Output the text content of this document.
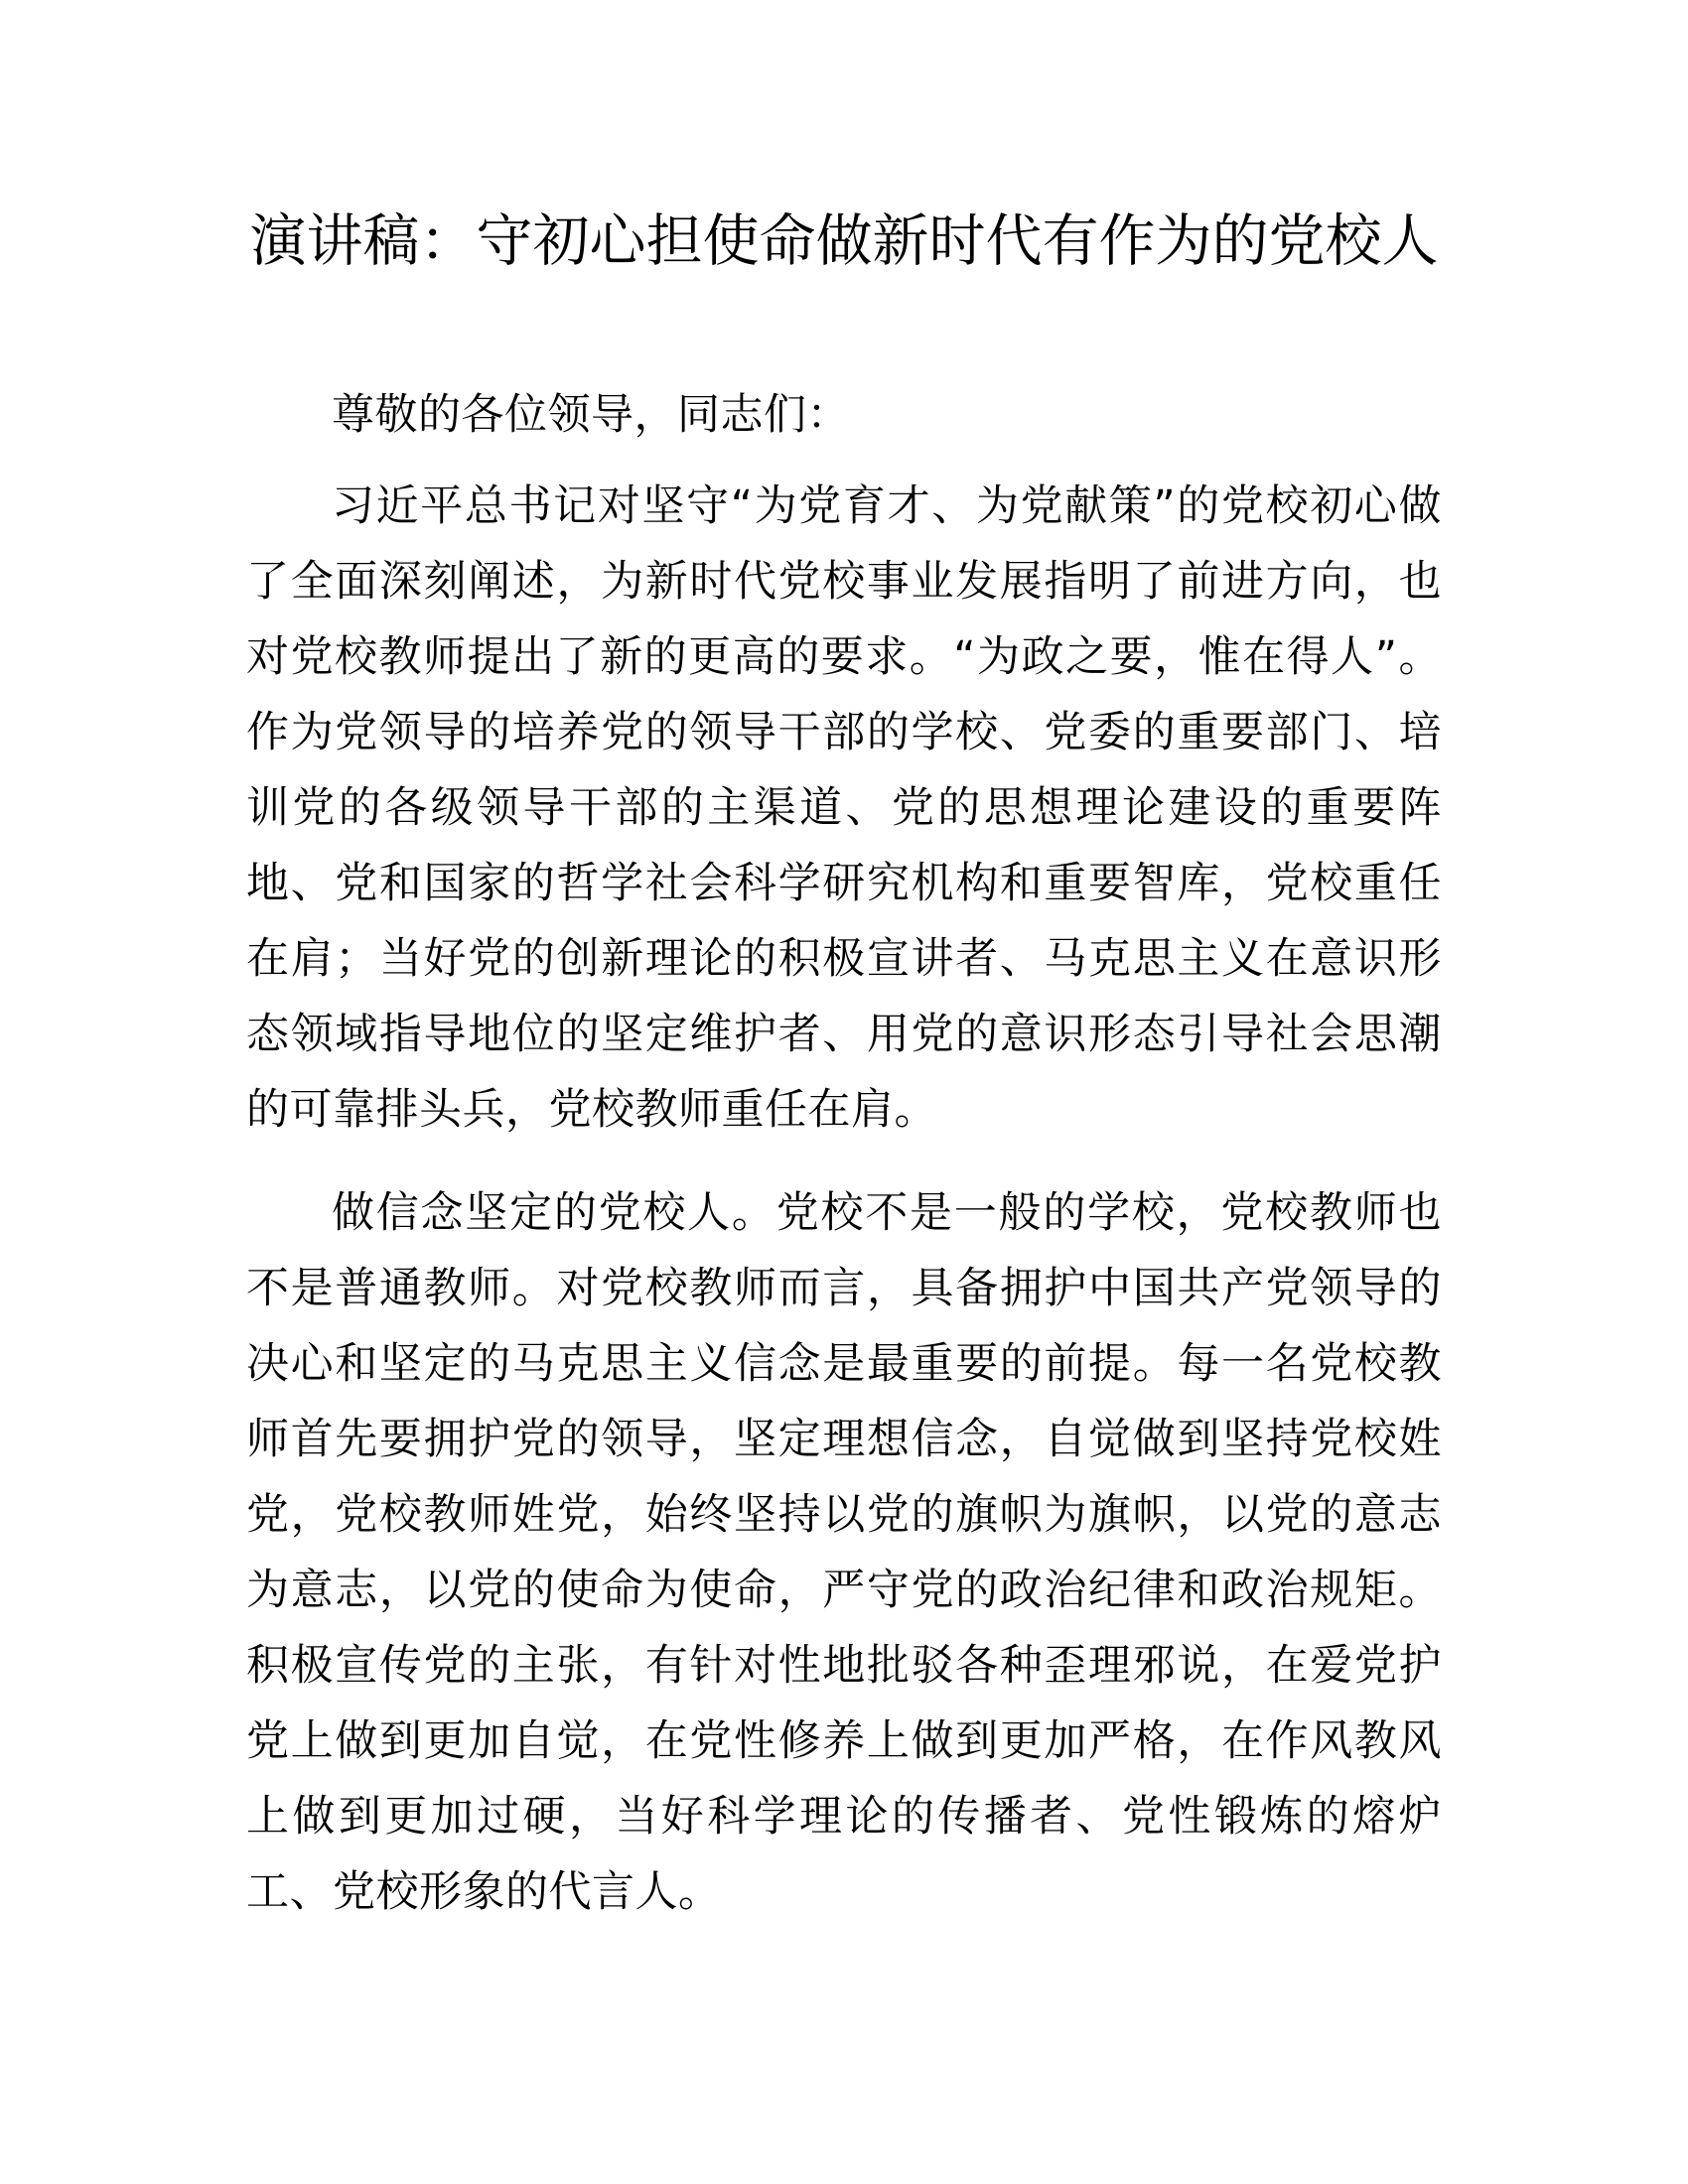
演讲稿：守初心担使命做新时代有作为的党校人

尊敬的各位领导，同志们：

习近平总书记对坚守“为党育才、为党献策”的党校初心做了全面深刻阐述，为新时代党校事业发展指明了前进方向，也对党校教师提出了新的更高的要求。“为政之要，惟在得人”。作为党领导的培养党的领导干部的学校、党委的重要部门、培训党的各级领导干部的主渠道、党的思想理论建设的重要阵地、党和国家的哲学社会科学研究机构和重要智库，党校重任在肩；当好党的创新理论的积极宣讲者、马克思主义在意识形态领域指导地位的坚定维护者、用党的意识形态引导社会思潮的可靠排头兵，党校教师重任在肩。

做信念坚定的党校人。党校不是一般的学校，党校教师也不是普通教师。对党校教师而言，具备拥护中国共产党领导的决心和坚定的马克思主义信念是最重要的前提。每一名党校教师首先要拥护党的领导，坚定理想信念，自觉做到坚持党校姓党，党校教师姓党，始终坚持以党的旗帜为旗帜，以党的意志为意志，以党的使命为使命，严守党的政治纪律和政治规矩。积极宣传党的主张，有针对性地批驳各种歪理邪说，在爱党护党上做到更加自觉，在党性修养上做到更加严格，在作风教风上做到更加过硬，当好科学理论的传播者、党性锻炼的熔炉工、党校形象的代言人。
